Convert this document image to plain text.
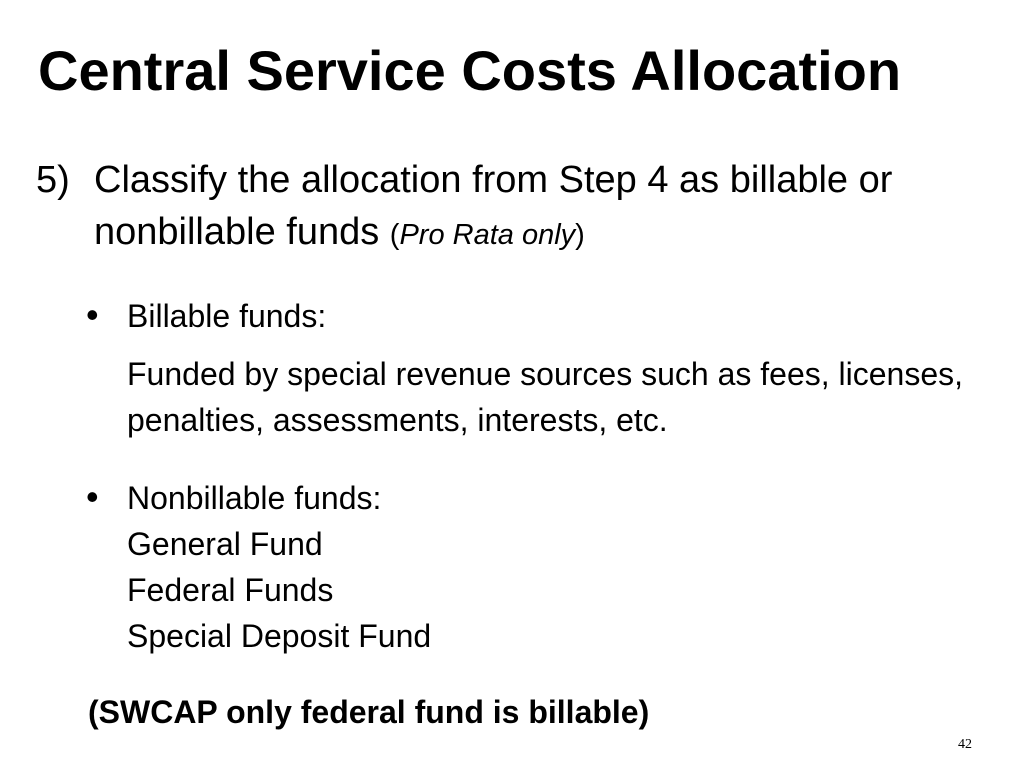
Central Service Costs Allocation
5) Classify the allocation from Step 4 as billable or nonbillable funds (Pro Rata only)
• Billable funds:
Funded by special revenue sources such as fees, licenses, penalties, assessments, interests, etc.
• Nonbillable funds:
General Fund
Federal Funds
Special Deposit Fund
(SWCAP only federal fund is billable)
42
